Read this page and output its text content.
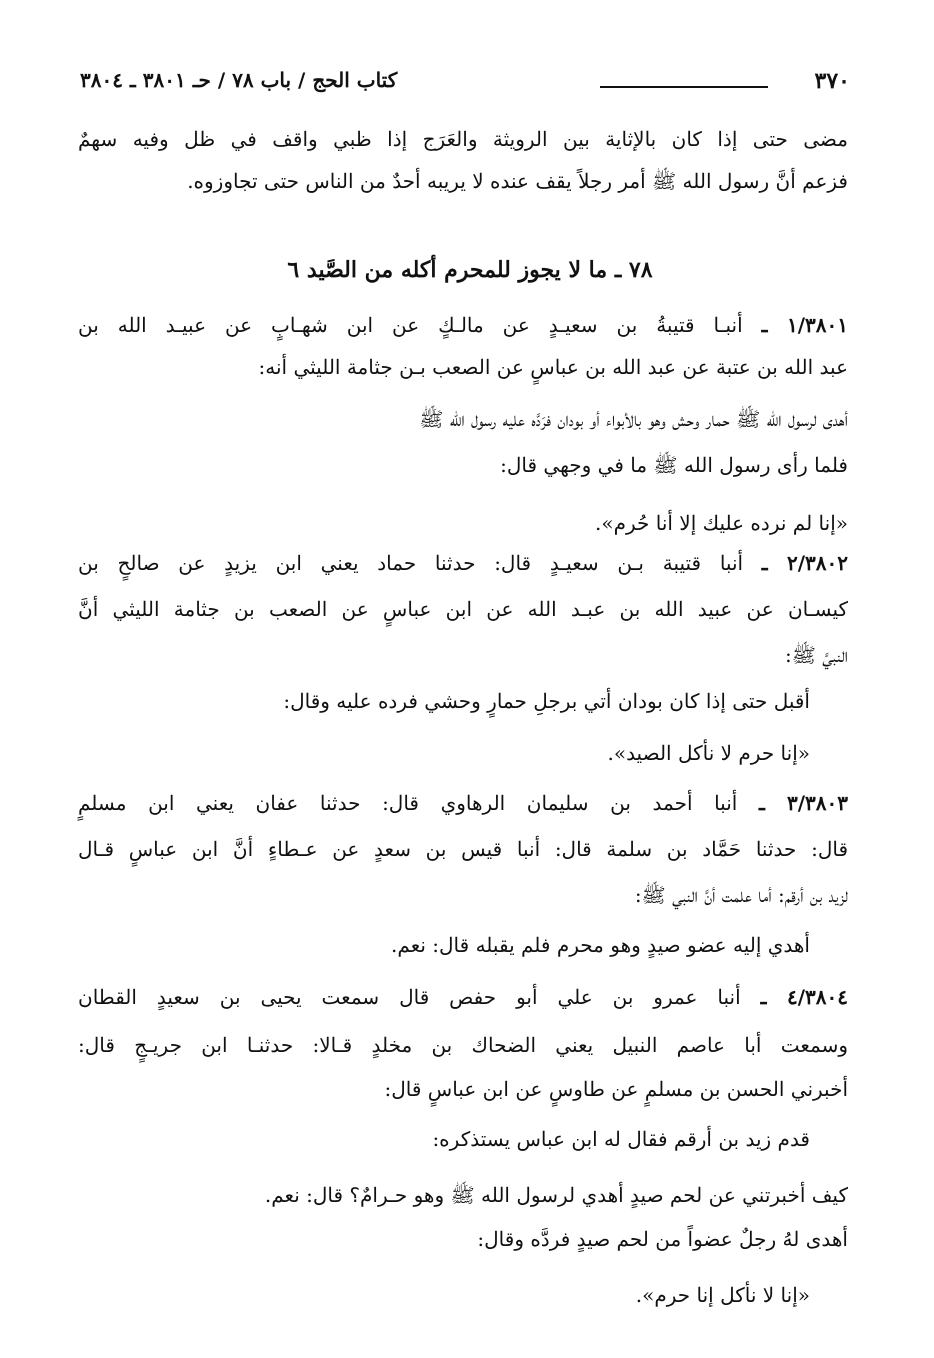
٣٧٠
كتاب الحج / باب ٧٨ / حـ ٣٨٠١ ـ ٣٨٠٤
مضى حتى إذا كان بالإثاية بين الرويثة والعَرَج إذا ظبي واقف في ظل وفيه سهمٌ
فزعم أنَّ رسول الله ﷺ أمر رجلاً يقف عنده لا يريبه أحدٌ من الناس حتى تجاوزوه.
٧٨ ـ ما لا يجوز للمحرم أكله من الصَّيد ٦
١/٣٨٠١ ـ أنبـا قتيبةُ بن سعيـدٍ عن مالـكٍ عن ابن شهـابٍ عن عبيـد الله بن
عبد الله بن عتبة عن عبد الله بن عباسٍ عن الصعب بـن جثامة الليثي أنه:
أهدى لرسول الله ﷺ حمار وحش وهو بالأبواء أو بودان فرَدَّه عليه رسول الله ﷺ
فلما رأى رسول الله ﷺ ما في وجهي قال:
«إنا لم نرده عليك إلا أنا حُرم».
٢/٣٨٠٢ ـ أنبا قتيبة بـن سعيـدٍ قال: حدثنا حماد يعني ابن يزيدٍ عن صالحٍ بن
كيسـان عن عبيد الله بن عبـد الله عن ابن عباسٍ عن الصعب بن جثامة الليثي أنَّ
النبيَّ ﷺ:
أقبل حتى إذا كان بودان أتي برجلِ حمارٍ وحشي فرده عليه وقال:
«إنا حرم لا نأكل الصيد».
٣/٣٨٠٣ ـ أنبا أحمد بن سليمان الرهاوي قال: حدثنا عفان يعني ابن مسلمٍ
قال: حدثنا حَمَّاد بن سلمة قال: أنبا قيس بن سعدٍ عن عـطاءٍ أنَّ ابن عباسٍ قـال
لزيد بن أرقم: أما علمت أنَّ النبي ﷺ:
أهدي إليه عضو صيدٍ وهو محرم فلم يقبله قال: نعم.
٤/٣٨٠٤ ـ أنبا عمرو بن علي أبو حفص قال سمعت يحيى بن سعيدٍ القطان
وسمعت أبا عاصم النبيل يعني الضحاك بن مخلدٍ قـالا: حدثنـا ابن جريـجٍ قال:
أخبرني الحسن بن مسلمٍ عن طاوسٍ عن ابن عباسٍ قال:
قدم زيد بن أرقم فقال له ابن عباس يستذكره:
كيف أخبرتني عن لحم صيدٍ أهدي لرسول الله ﷺ وهو حـرامٌ؟ قال: نعم.
أهدى لهُ رجلٌ عضواً من لحم صيدٍ فردَّه وقال:
«إنا لا نأكل إنا حرم».
